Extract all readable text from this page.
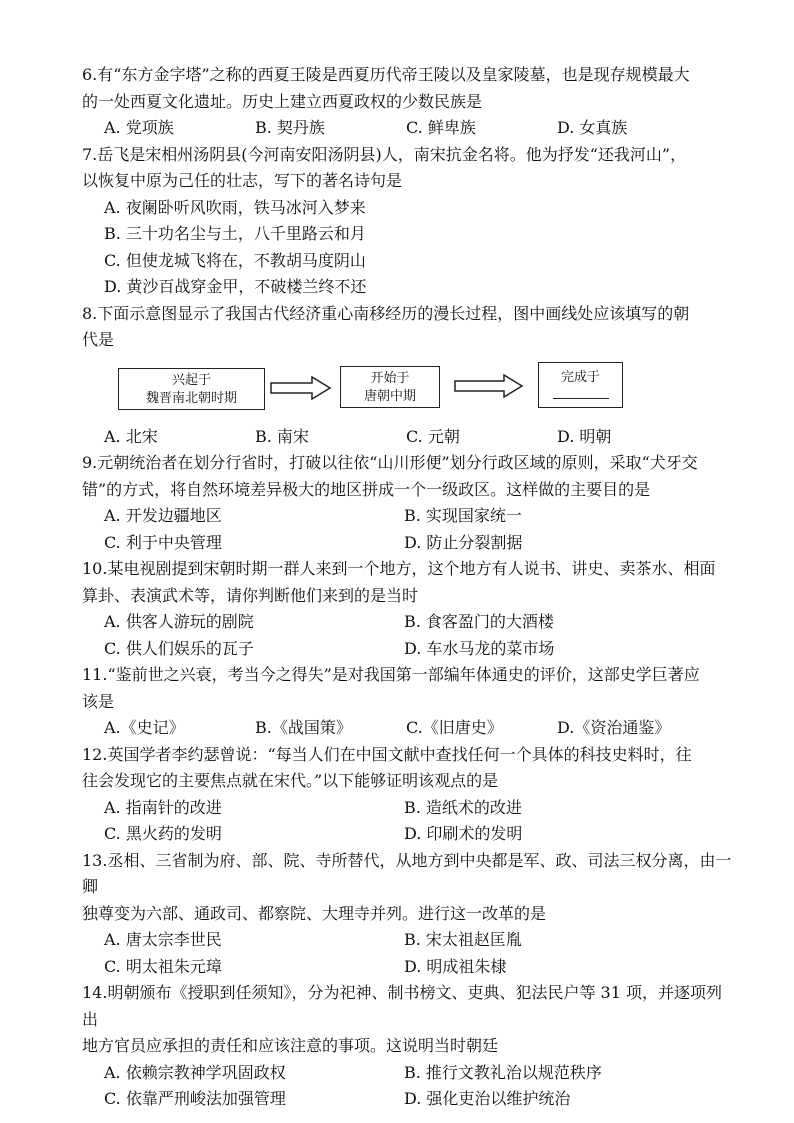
6.有“东方金字塔”之称的西夏王陵是西夏历代帝王陵以及皇家陵墓，也是现存规模最大

的一处西夏文化遗址。历史上建立西夏政权的少数民族是

A. 党项族	B. 契丹族	C. 鲜卑族	D. 女真族

7.岳飞是宋相州汤阴县(今河南安阳汤阴县)人，南宋抗金名将。他为抒发“还我河山”，

以恢复中原为己任的壮志，写下的著名诗句是

A. 夜阑卧听风吹雨，铁马冰河入梦来

B. 三十功名尘与土，八千里路云和月

C. 但使龙城飞将在，不教胡马度阴山

D. 黄沙百战穿金甲，不破楼兰终不还

8.下面示意图显示了我国古代经济重心南移经历的漫长过程，图中画线处应该填写的朝

代是

兴起于
魏晋南北朝时期
开始于
唐朝中期
完成于
A. 北宋	B. 南宋	C. 元朝	D. 明朝

9.元朝统治者在划分行省时，打破以往依“山川形便”划分行政区域的原则，采取“犬牙交

错”的方式，将自然环境差异极大的地区拼成一个一级政区。这样做的主要目的是

A. 开发边疆地区	B. 实现国家统一
C. 利于中央管理	D. 防止分裂割据

10.某电视剧提到宋朝时期一群人来到一个地方，这个地方有人说书、讲史、卖茶水、相面

算卦、表演武术等，请你判断他们来到的是当时

A. 供客人游玩的剧院	B. 食客盈门的大酒楼
C. 供人们娱乐的瓦子	D. 车水马龙的菜市场

11.“鉴前世之兴衰，考当今之得失”是对我国第一部编年体通史的评价，这部史学巨著应

该是

A.《史记》	B.《战国策》	C.《旧唐史》	D.《资治通鉴》

12.英国学者李约瑟曾说：“每当人们在中国文献中查找任何一个具体的科技史料时，往

往会发现它的主要焦点就在宋代。”以下能够证明该观点的是

A. 指南针的改进	B. 造纸术的改进
C. 黑火药的发明	D. 印刷术的发明

13.丞相、三省制为府、部、院、寺所替代，从地方到中央都是军、政、司法三权分离，由一卿

独尊变为六部、通政司、都察院、大理寺并列。进行这一改革的是

A. 唐太宗李世民	B. 宋太祖赵匡胤
C. 明太祖朱元璋	D. 明成祖朱棣

14.明朝颁布《授职到任须知》，分为祀神、制书榜文、吏典、犯法民户等 31 项，并逐项列出

地方官员应承担的责任和应该注意的事项。这说明当时朝廷

A. 依赖宗教神学巩固政权	B. 推行文教礼治以规范秩序
C. 依靠严刑峻法加强管理	D. 强化吏治以维护统治
